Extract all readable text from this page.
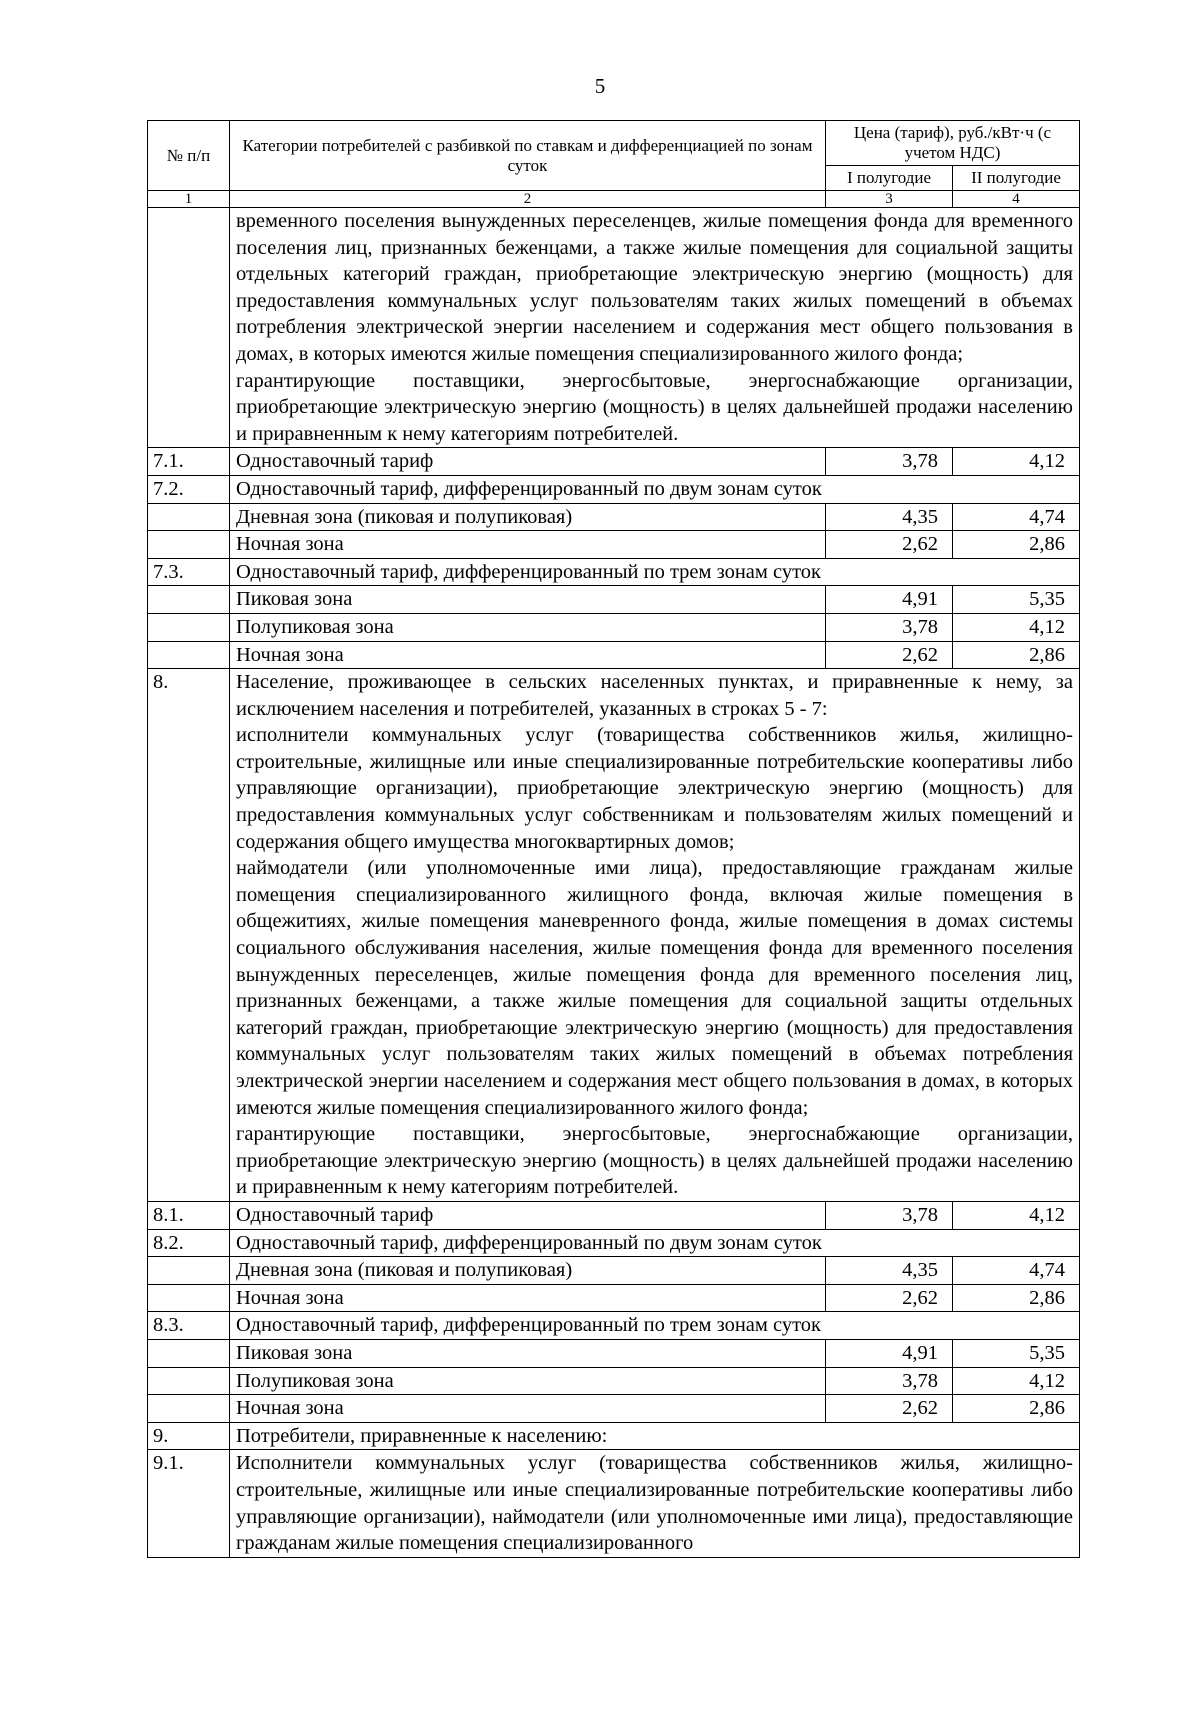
5
№ п/п	Категории потребителей с разбивкой по ставкам и дифференциацией по зонам суток	Цена (тариф), руб./кВт·ч (с учетом НДС)	
		I полугодие	II полугодие
1	2	3	4

	временного поселения вынужденных переселенцев, жилые помещения фонда для временного поселения лиц, признанных беженцами, а также жилые помещения для социальной защиты отдельных категорий граждан, приобретающие электрическую энергию (мощность) для предоставления коммунальных услуг пользователям таких жилых помещений в объемах потребления электрической энергии населением и содержания мест общего пользования в домах, в которых имеются жилые помещения специализированного жилого фонда;
гарантирующие поставщики, энергосбытовые, энергоснабжающие организации, приобретающие электрическую энергию (мощность) в целях дальнейшей продажи населению и приравненным к нему категориям потребителей.		

7.1.	Одноставочный тариф	3,78	4,12
7.2.	Одноставочный тариф, дифференцированный по двум зонам суток		
	Дневная зона (пиковая и полупиковая)	4,35	4,74
	Ночная зона	2,62	2,86
7.3.	Одноставочный тариф, дифференцированный по трем зонам суток		
	Пиковая зона	4,91	5,35
	Полупиковая зона	3,78	4,12
	Ночная зона	2,62	2,86
8.	Население, проживающее в сельских населенных пунктах, и приравненные к нему, за исключением населения и потребителей, указанных в строках 5 - 7:
исполнители коммунальных услуг (товарищества собственников жилья, жилищно-строительные, жилищные или иные специализированные потребительские кооперативы либо управляющие организации), приобретающие электрическую энергию (мощность) для предоставления коммунальных услуг собственникам и пользователям жилых помещений и содержания общего имущества многоквартирных домов;
наймодатели (или уполномоченные ими лица), предоставляющие гражданам жилые помещения специализированного жилищного фонда, включая жилые помещения в общежитиях, жилые помещения маневренного фонда, жилые помещения в домах системы социального обслуживания населения, жилые помещения фонда для временного поселения вынужденных переселенцев, жилые помещения фонда для временного поселения лиц, признанных беженцами, а также жилые помещения для социальной защиты отдельных категорий граждан, приобретающие электрическую энергию (мощность) для предоставления коммунальных услуг пользователям таких жилых помещений в объемах потребления электрической энергии населением и содержания мест общего пользования в домах, в которых имеются жилые помещения специализированного жилого фонда;
гарантирующие поставщики, энергосбытовые, энергоснабжающие организации, приобретающие электрическую энергию (мощность) в целях дальнейшей продажи населению и приравненным к нему категориям потребителей.		

8.1.	Одноставочный тариф	3,78	4,12
8.2.	Одноставочный тариф, дифференцированный по двум зонам суток		
	Дневная зона (пиковая и полупиковая)	4,35	4,74
	Ночная зона	2,62	2,86
8.3.	Одноставочный тариф, дифференцированный по трем зонам суток		
	Пиковая зона	4,91	5,35
	Полупиковая зона	3,78	4,12
	Ночная зона	2,62	2,86
9.	Потребители, приравненные к населению:		
9.1.	Исполнители коммунальных услуг (товарищества собственников жилья, жилищно-строительные, жилищные или иные специализированные потребительские кооперативы либо управляющие организации), наймодатели (или уполномоченные ими лица), предоставляющие гражданам жилые помещения специализированного		
